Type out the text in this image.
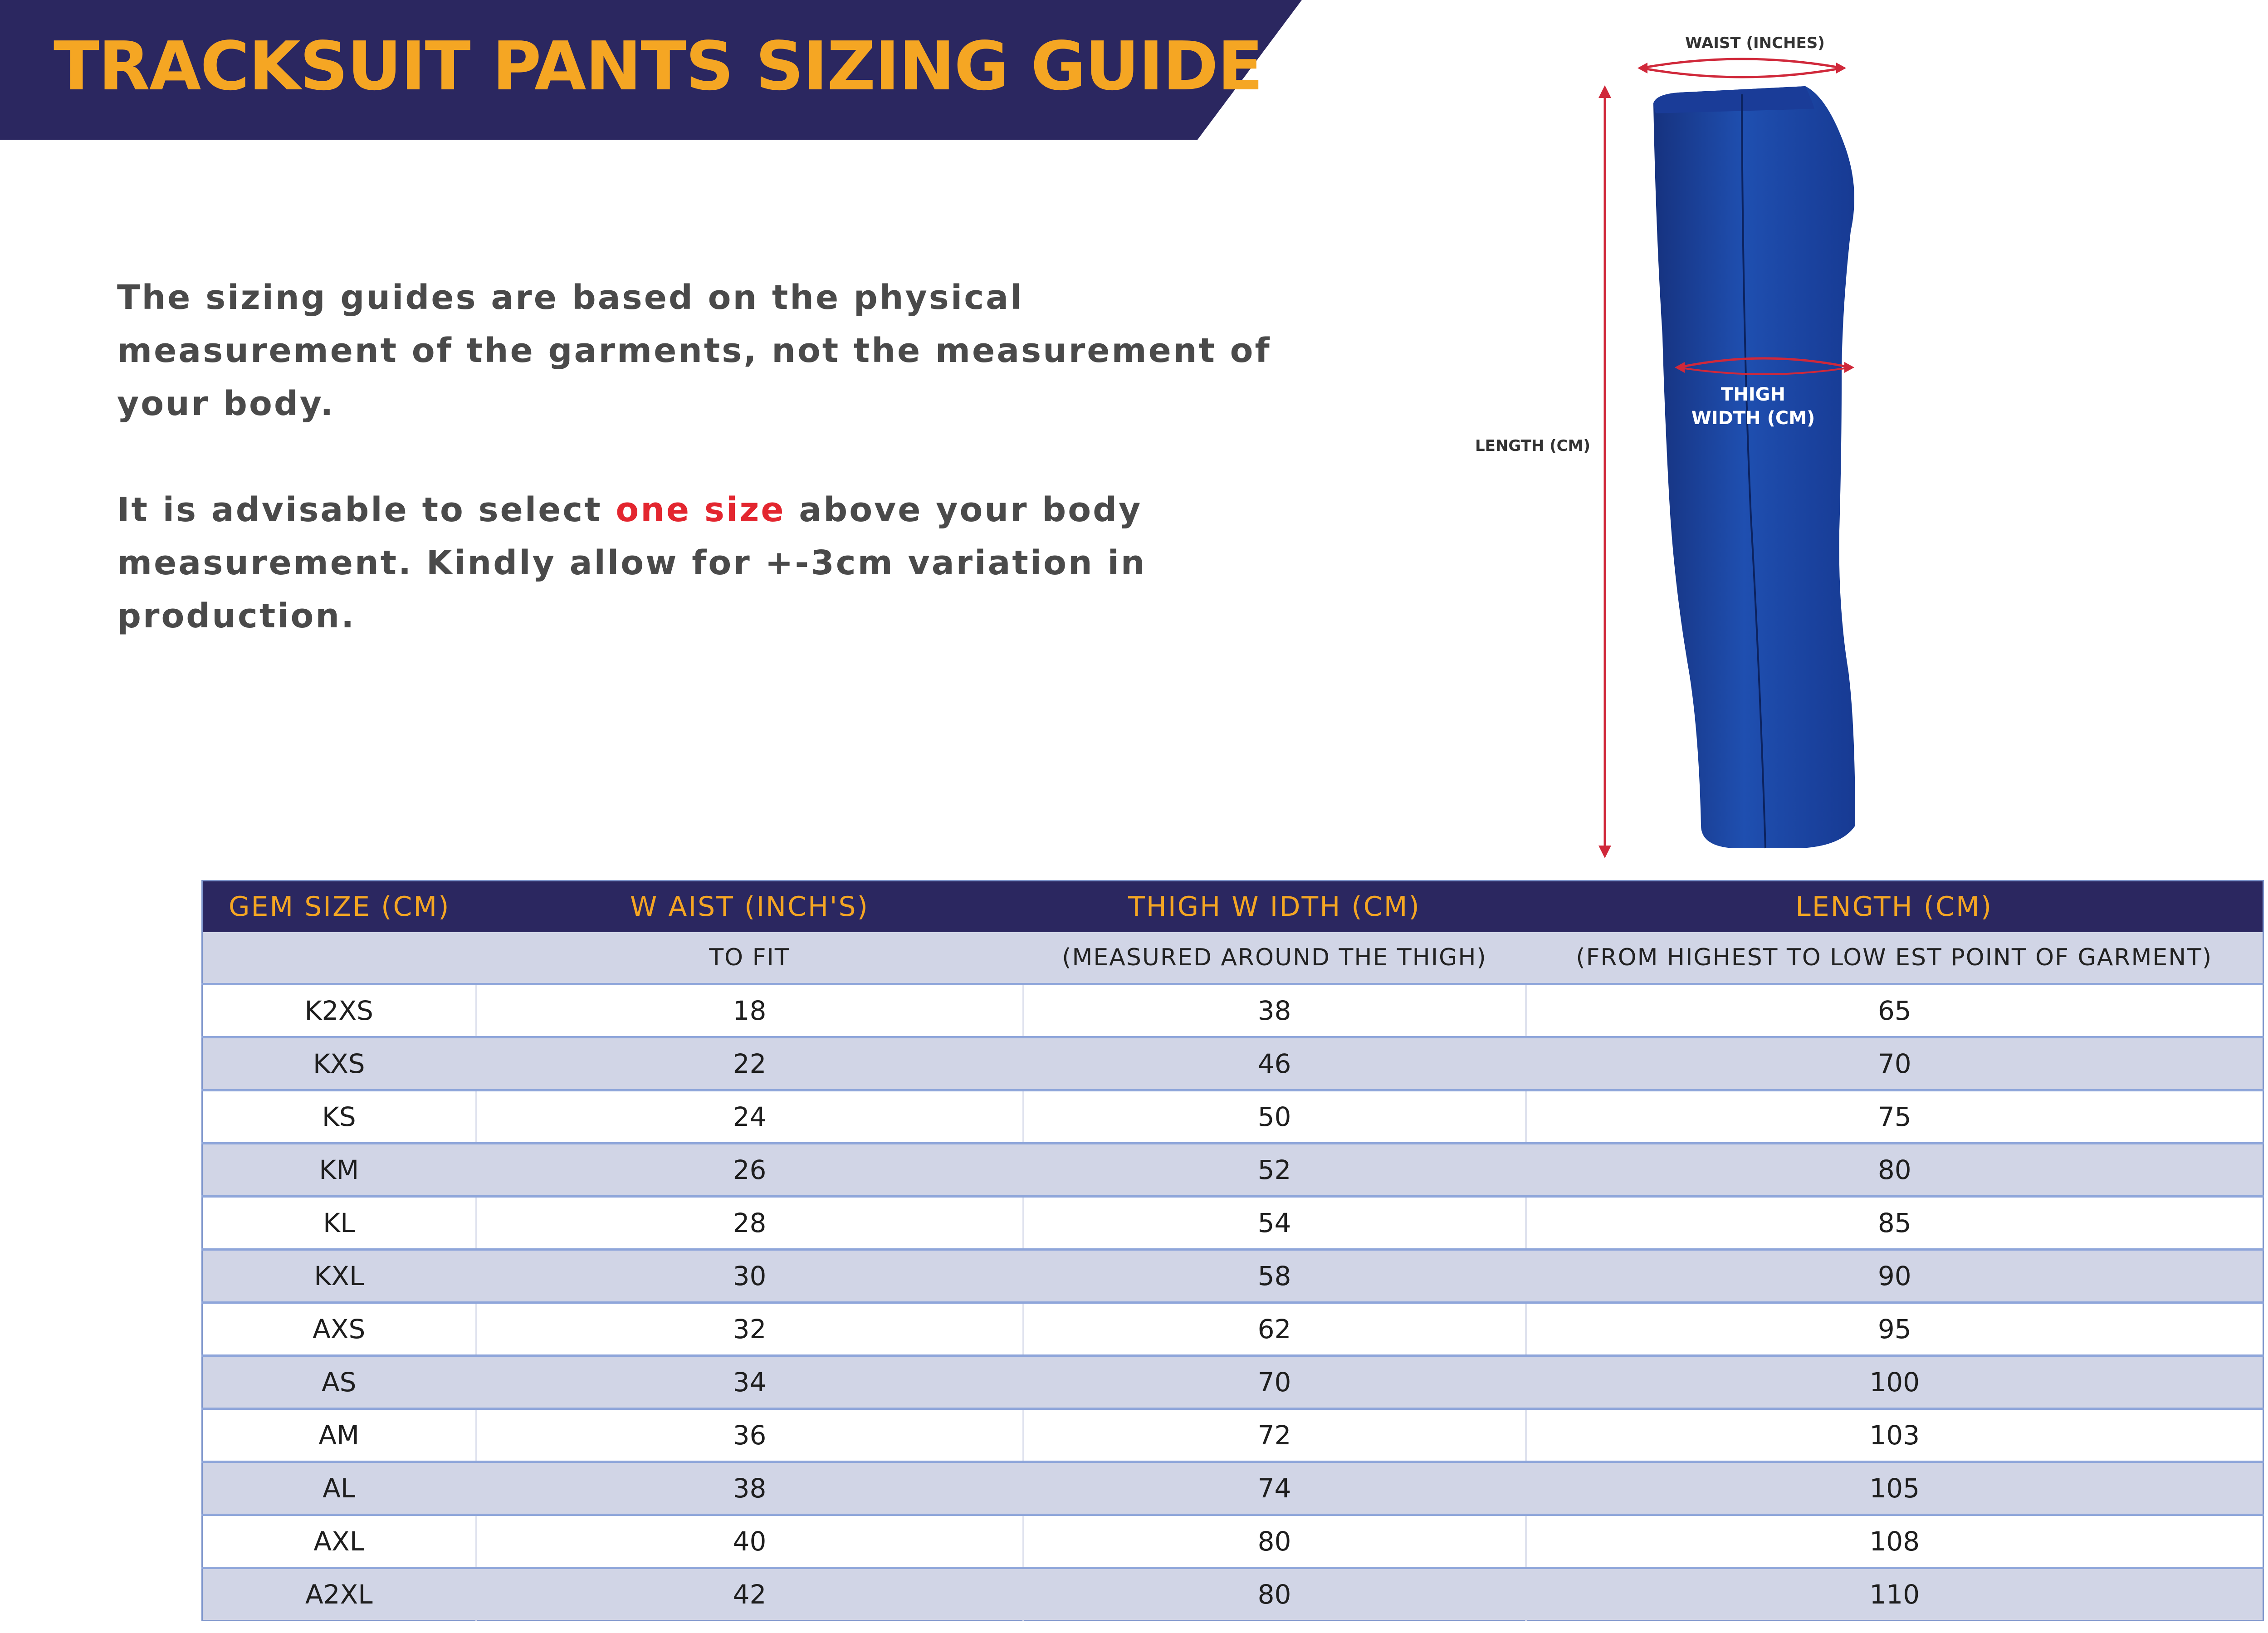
TRACKSUIT PANTS SIZING GUIDE

The sizing guides are based on the physical measurement of the garments, not the measurement of your body.

It is advisable to select one size above your body measurement. Kindly allow for +-3cm variation in production.

WAIST (INCHES)
LENGTH (CM)
THIGH
WIDTH (CM)
GEM SIZE (CM)	W AIST (INCH'S)	THIGH W IDTH (CM)	LENGTH (CM)
	TO FIT	(MEASURED AROUND THE THIGH)	(FROM HIGHEST TO LOW EST POINT OF GARMENT)
K2XS	18	38	65
KXS	22	46	70
KS	24	50	75
KM	26	52	80
KL	28	54	85
KXL	30	58	90
AXS	32	62	95
AS	34	70	100
AM	36	72	103
AL	38	74	105
AXL	40	80	108
A2XL	42	80	110
